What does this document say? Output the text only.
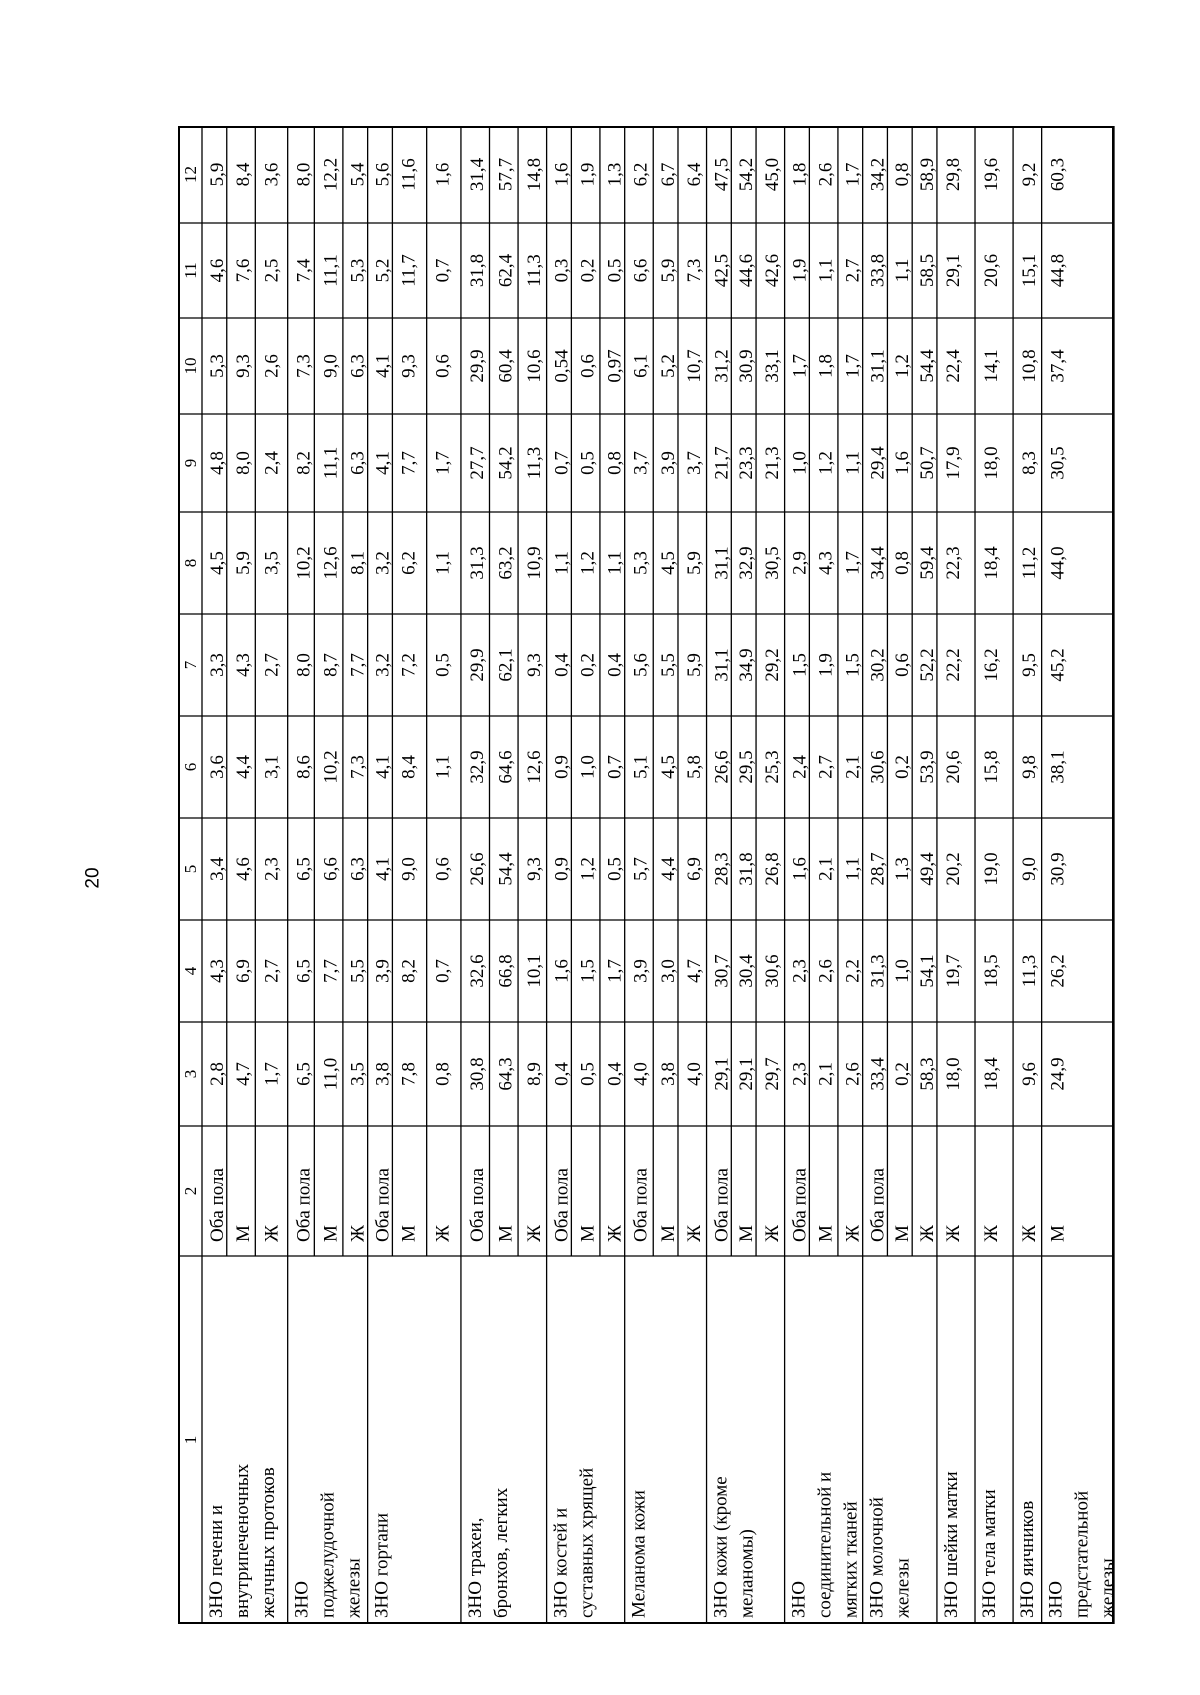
20
1
2
3
4
5
6
7
8
9
10
11
12
ЗНО печени и внутрипеченочных желчных протоков
Оба пола
2,8
4,3
3,4
3,6
3,3
4,5
4,8
5,3
4,6
5,9
М
4,7
6,9
4,6
4,4
4,3
5,9
8,0
9,3
7,6
8,4
Ж
1,7
2,7
2,3
3,1
2,7
3,5
2,4
2,6
2,5
3,6
ЗНО поджелудочной железы
Оба пола
6,5
6,5
6,5
8,6
8,0
10,2
8,2
7,3
7,4
8,0
М
11,0
7,7
6,6
10,2
8,7
12,6
11,1
9,0
11,1
12,2
Ж
3,5
5,5
6,3
7,3
7,7
8,1
6,3
6,3
5,3
5,4
ЗНО гортани
Оба пола
3,8
3,9
4,1
4,1
3,2
3,2
4,1
4,1
5,2
5,6
М
7,8
8,2
9,0
8,4
7,2
6,2
7,7
9,3
11,7
11,6
Ж
0,8
0,7
0,6
1,1
0,5
1,1
1,7
0,6
0,7
1,6
ЗНО трахеи, бронхов, легких
Оба пола
30,8
32,6
26,6
32,9
29,9
31,3
27,7
29,9
31,8
31,4
М
64,3
66,8
54,4
64,6
62,1
63,2
54,2
60,4
62,4
57,7
Ж
8,9
10,1
9,3
12,6
9,3
10,9
11,3
10,6
11,3
14,8
ЗНО костей и суставных хрящей
Оба пола
0,4
1,6
0,9
0,9
0,4
1,1
0,7
0,54
0,3
1,6
М
0,5
1,5
1,2
1,0
0,2
1,2
0,5
0,6
0,2
1,9
Ж
0,4
1,7
0,5
0,7
0,4
1,1
0,8
0,97
0,5
1,3
Меланома кожи
Оба пола
4,0
3,9
5,7
5,1
5,6
5,3
3,7
6,1
6,6
6,2
М
3,8
3,0
4,4
4,5
5,5
4,5
3,9
5,2
5,9
6,7
Ж
4,0
4,7
6,9
5,8
5,9
5,9
3,7
10,7
7,3
6,4
ЗНО кожи (кроме меланомы)
Оба пола
29,1
30,7
28,3
26,6
31,1
31,1
21,7
31,2
42,5
47,5
М
29,1
30,4
31,8
29,5
34,9
32,9
23,3
30,9
44,6
54,2
Ж
29,7
30,6
26,8
25,3
29,2
30,5
21,3
33,1
42,6
45,0
ЗНО соединительной и мягких тканей
Оба пола
2,3
2,3
1,6
2,4
1,5
2,9
1,0
1,7
1,9
1,8
М
2,1
2,6
2,1
2,7
1,9
4,3
1,2
1,8
1,1
2,6
Ж
2,6
2,2
1,1
2,1
1,5
1,7
1,1
1,7
2,7
1,7
ЗНО молочной железы
Оба пола
33,4
31,3
28,7
30,6
30,2
34,4
29,4
31,1
33,8
34,2
М
0,2
1,0
1,3
0,2
0,6
0,8
1,6
1,2
1,1
0,8
Ж
58,3
54,1
49,4
53,9
52,2
59,4
50,7
54,4
58,5
58,9
ЗНО шейки матки
Ж
18,0
19,7
20,2
20,6
22,2
22,3
17,9
22,4
29,1
29,8
ЗНО тела матки
Ж
18,4
18,5
19,0
15,8
16,2
18,4
18,0
14,1
20,6
19,6
ЗНО яичников
Ж
9,6
11,3
9,0
9,8
9,5
11,2
8,3
10,8
15,1
9,2
ЗНО предстательной железы
М
24,9
26,2
30,9
38,1
45,2
44,0
30,5
37,4
44,8
60,3
